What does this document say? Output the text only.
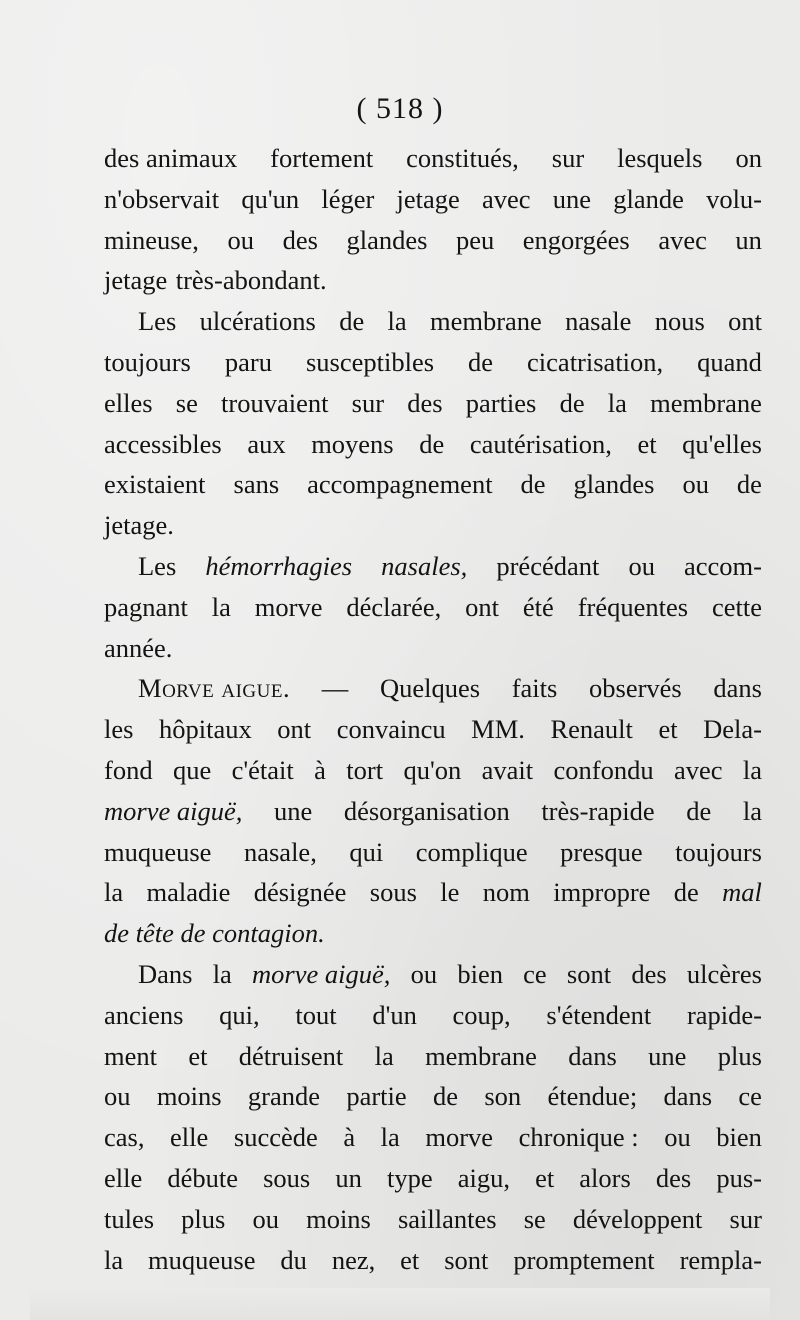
( 518 )
des animaux fortement constitués, sur lesquels on
n'observait qu'un léger jetage avec une glande volu-
mineuse, ou des glandes peu engorgées avec un
jetage très-abondant.
Les ulcérations de la membrane nasale nous ont
toujours paru susceptibles de cicatrisation, quand
elles se trouvaient sur des parties de la membrane
accessibles aux moyens de cautérisation, et qu'elles
existaient sans accompagnement de glandes ou de
jetage.
Les hémorrhagies nasales, précédant ou accom-
pagnant la morve déclarée, ont été fréquentes cette
année.
Morve aigue. — Quelques faits observés dans
les hôpitaux ont convaincu MM. Renault et Dela-
fond que c'était à tort qu'on avait confondu avec la
morve aiguë, une désorganisation très-rapide de la
muqueuse nasale, qui complique presque toujours
la maladie désignée sous le nom impropre de mal
de tête de contagion.
Dans la morve aiguë, ou bien ce sont des ulcères
anciens qui, tout d'un coup, s'étendent rapide-
ment et détruisent la membrane dans une plus
ou moins grande partie de son étendue; dans ce
cas, elle succède à la morve chronique : ou bien
elle débute sous un type aigu, et alors des pus-
tules plus ou moins saillantes se développent sur
la muqueuse du nez, et sont promptement rempla-
